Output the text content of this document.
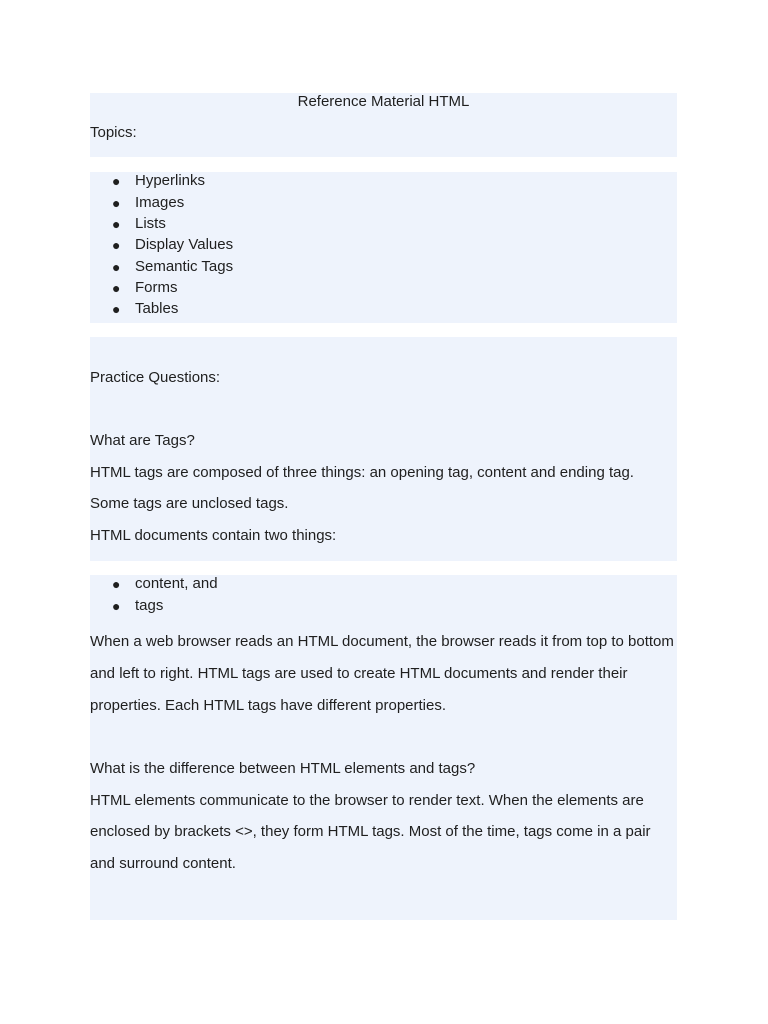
Reference Material HTML
Topics:
● Hyperlinks
● Images
● Lists
● Display Values
● Semantic Tags
● Forms
● Tables
Practice Questions:
What are Tags?
HTML tags are composed of three things: an opening tag, content and ending tag.
Some tags are unclosed tags.
HTML documents contain two things:
● content, and
● tags
When a web browser reads an HTML document, the browser reads it from top to bottom
and left to right. HTML tags are used to create HTML documents and render their
properties. Each HTML tags have different properties.
What is the difference between HTML elements and tags?
HTML elements communicate to the browser to render text. When the elements are
enclosed by brackets <>, they form HTML tags. Most of the time, tags come in a pair
and surround content.
